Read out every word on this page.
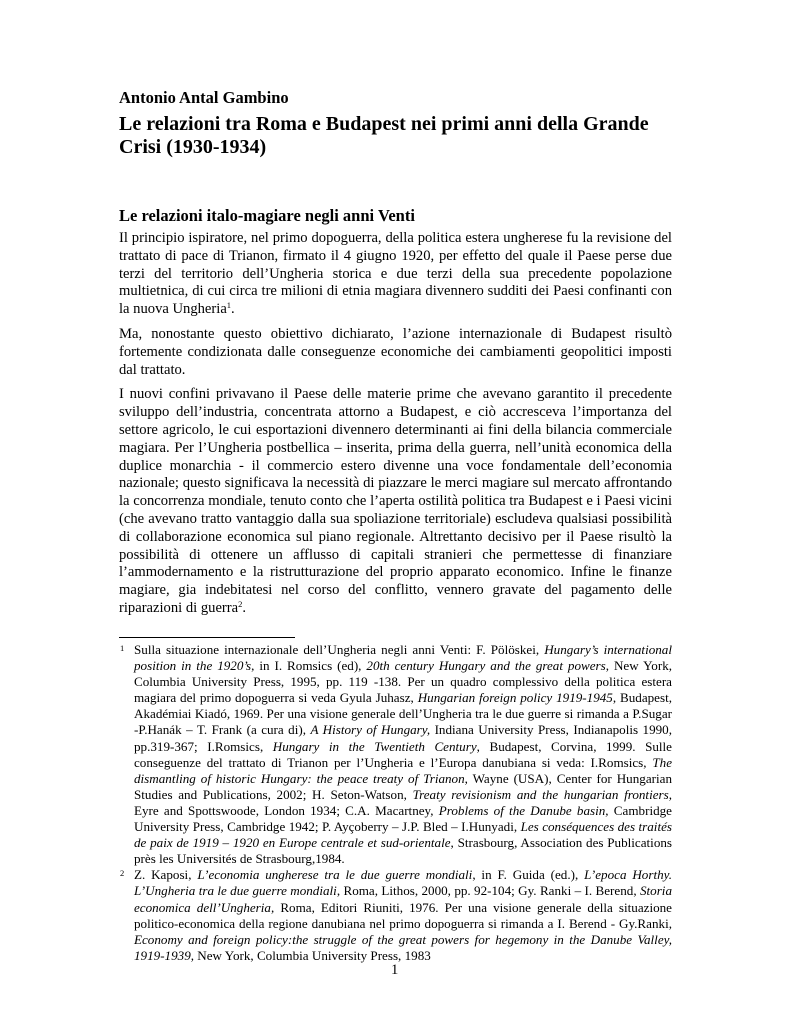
Antonio Antal Gambino
Le relazioni tra Roma e Budapest nei primi anni della Grande Crisi (1930-1934)
Le relazioni italo-magiare negli anni Venti

Il principio ispiratore, nel primo dopoguerra, della politica estera ungherese fu la revisione del trattato di pace di Trianon, firmato il 4 giugno 1920, per effetto del quale il Paese perse due terzi del territorio dell’Ungheria storica e due terzi della sua precedente popolazione multietnica, di cui circa tre milioni di etnia magiara divennero sudditi dei Paesi confinanti con la nuova Ungheria$^1$.

Ma, nonostante questo obiettivo dichiarato, l’azione internazionale di Budapest risultò fortemente condizionata dalle conseguenze economiche dei cambiamenti geopolitici imposti dal trattato.

I nuovi confini privavano il Paese delle materie prime che avevano garantito il precedente sviluppo dell’industria, concentrata attorno a Budapest, e ciò accresceva l’importanza del settore agricolo, le cui esportazioni divennero determinanti ai fini della bilancia commerciale magiara. Per l’Ungheria postbellica – inserita, prima della guerra, nell’unità economica della duplice monarchia - il commercio estero divenne una voce fondamentale dell’economia nazionale; questo significava la necessità di piazzare le merci magiare sul mercato affrontando la concorrenza mondiale, tenuto conto che l’aperta ostilità politica tra Budapest e i Paesi vicini (che avevano tratto vantaggio dalla sua spoliazione territoriale) escludeva qualsiasi possibilità di collaborazione economica sul piano regionale. Altrettanto decisivo per il Paese risultò la possibilità di ottenere un afflusso di capitali stranieri che permettesse di finanziare l’ammodernamento e la ristrutturazione del proprio apparato economico. Infine le finanze magiare, gia indebitatesi nel corso del conflitto, vennero gravate del pagamento delle riparazioni di guerra$^2$.

1 Sulla situazione internazionale dell’Ungheria negli anni Venti: F. Pölöskei, Hungary’s international position in the 1920’s, in I. Romsics (ed), 20th century Hungary and the great powers, New York, Columbia University Press, 1995, pp. 119 -138. Per un quadro complessivo della politica estera magiara del primo dopoguerra si veda Gyula Juhasz, Hungarian foreign policy 1919-1945, Budapest, Akadémiai Kiadó, 1969. Per una visione generale dell’Ungheria tra le due guerre si rimanda a P.Sugar -P.Hanák – T. Frank (a cura di), A History of Hungary, Indiana University Press, Indianapolis 1990, pp.319-367; I.Romsics, Hungary in the Twentieth Century, Budapest, Corvina, 1999. Sulle conseguenze del trattato di Trianon per l’Ungheria e l’Europa danubiana si veda: I.Romsics, The dismantling of historic Hungary: the peace treaty of Trianon, Wayne (USA), Center for Hungarian Studies and Publications, 2002; H. Seton-Watson, Treaty revisionism and the hungarian frontiers, Eyre and Spottswoode, London 1934; C.A. Macartney, Problems of the Danube basin, Cambridge University Press, Cambridge 1942; P. Ayçoberry – J.P. Bled – I.Hunyadi, Les conséquences des traités de paix de 1919 – 1920 en Europe centrale et sud-orientale, Strasbourg, Association des Publications près les Universités de Strasbourg,1984.
2 Z. Kaposi, L’economia ungherese tra le due guerre mondiali, in F. Guida (ed.), L’epoca Horthy. L’Ungheria tra le due guerre mondiali, Roma, Lithos, 2000, pp. 92-104; Gy. Ranki – I. Berend, Storia economica dell’Ungheria, Roma, Editori Riuniti, 1976. Per una visione generale della situazione politico-economica della regione danubiana nel primo dopoguerra si rimanda a I. Berend - Gy.Ranki, Economy and foreign policy:the struggle of the great powers for hegemony in the Danube Valley, 1919-1939, New York, Columbia University Press, 1983
1
